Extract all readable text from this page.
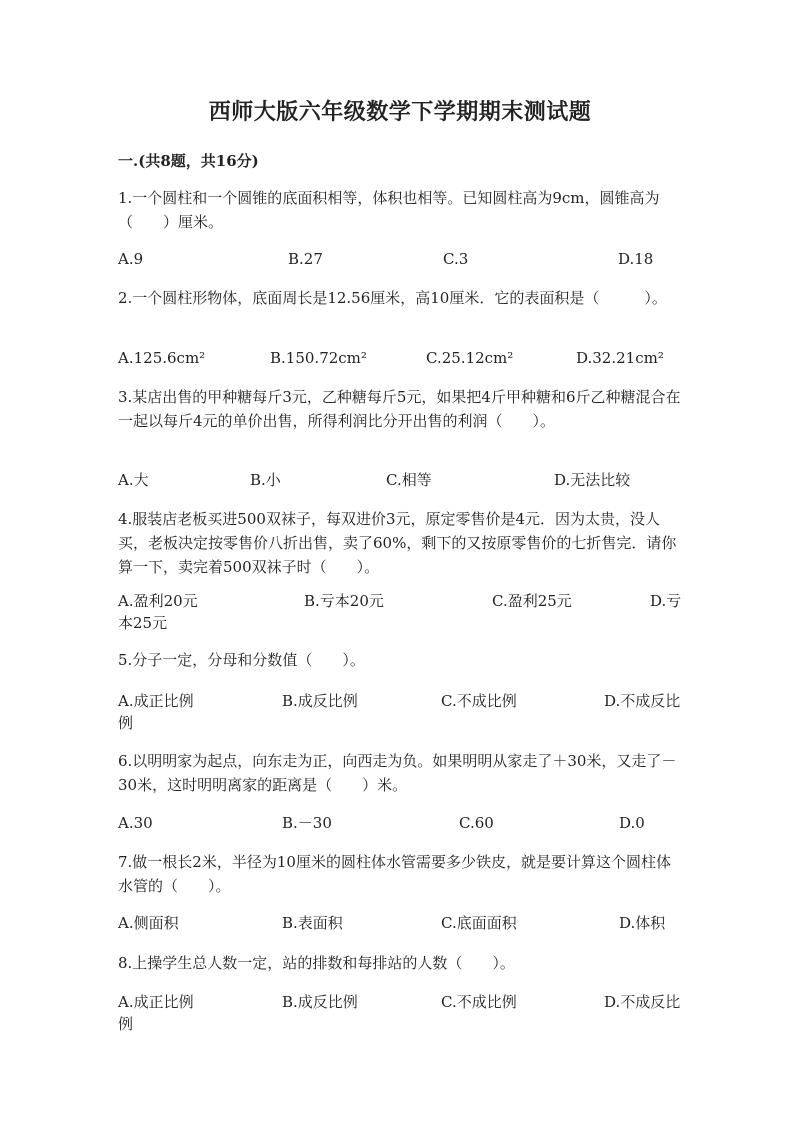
西师大版六年级数学下学期期末测试题
一.(共8题，共16分)
1.一个圆柱和一个圆锥的底面积相等，体积也相等。已知圆柱高为9cm，圆锥高为（　　）厘米。
A.9	B.27	C.3	D.18
2.一个圆柱形物体，底面周长是12.56厘米，高10厘米．它的表面积是（　　　）。
A.125.6cm²	B.150.72cm²	C.25.12cm²	D.32.21cm²
3.某店出售的甲种糖每斤3元，乙种糖每斤5元，如果把4斤甲种糖和6斤乙种糖混合在一起以每斤4元的单价出售，所得利润比分开出售的利润（　　）。
A.大	B.小	C.相等	D.无法比较
4.服装店老板买进500双袜子，每双进价3元，原定零售价是4元．因为太贵，没人买，老板决定按零售价八折出售，卖了60%，剩下的又按原零售价的七折售完．请你算一下，卖完着500双袜子时（　　）。
A.盈利20元	B.亏本20元	C.盈利25元	D.亏本25元
5.分子一定，分母和分数值（　　）。
A.成正比例	B.成反比例	C.不成比例	D.不成反比例
6.以明明家为起点，向东走为正，向西走为负。如果明明从家走了＋30米，又走了－30米，这时明明离家的距离是（　　）米。
A.30	B.－30	C.60	D.0
7.做一根长2米，半径为10厘米的圆柱体水管需要多少铁皮，就是要计算这个圆柱体水管的（　　）。
A.侧面积	B.表面积	C.底面面积	D.体积
8.上操学生总人数一定，站的排数和每排站的人数（　　）。
A.成正比例	B.成反比例	C.不成比例	D.不成反比例
